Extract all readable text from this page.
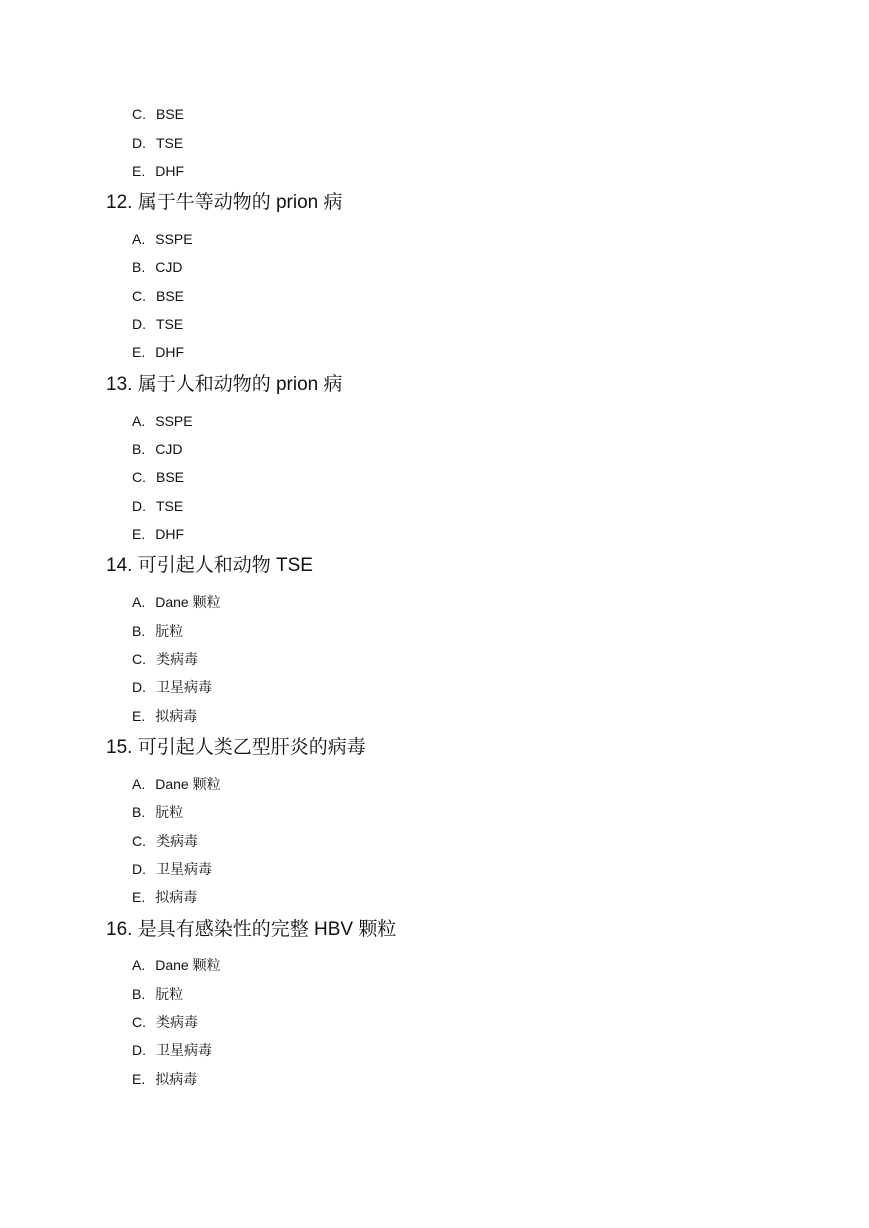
C. BSE
D. TSE
E. DHF
12. 属于牛等动物的 prion 病
A. SSPE
B. CJD
C. BSE
D. TSE
E. DHF
13. 属于人和动物的 prion 病
A. SSPE
B. CJD
C. BSE
D. TSE
E. DHF
14. 可引起人和动物 TSE
A. Dane 颗粒
B. 朊粒
C. 类病毒
D. 卫星病毒
E. 拟病毒
15. 可引起人类乙型肝炎的病毒
A. Dane 颗粒
B. 朊粒
C. 类病毒
D. 卫星病毒
E. 拟病毒
16. 是具有感染性的完整 HBV 颗粒
A. Dane 颗粒
B. 朊粒
C. 类病毒
D. 卫星病毒
E. 拟病毒
